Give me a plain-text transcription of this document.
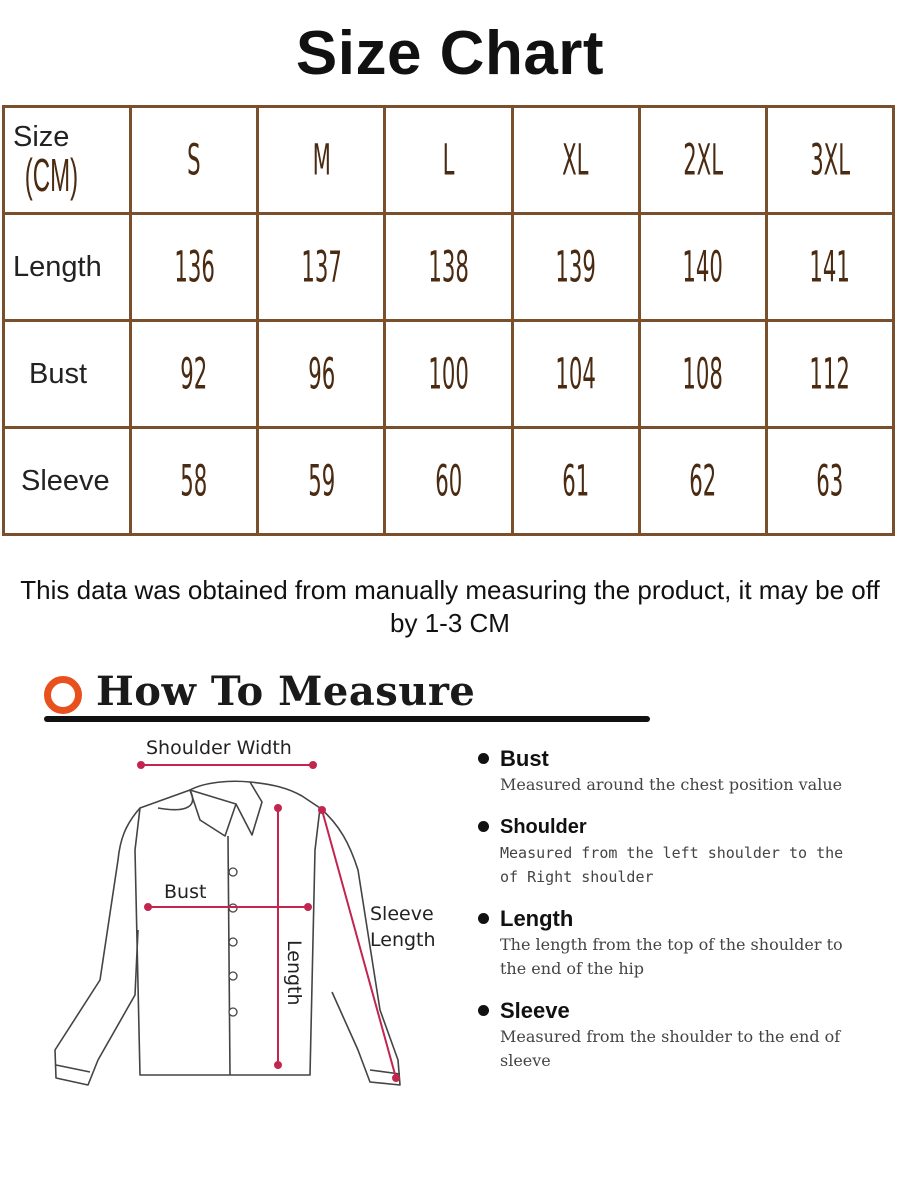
Size Chart
Size(CM)	S	M	L	XL	2XL	3XL
Length	136	137	138	139	140	141
Bust	92	96	100	104	108	112
Sleeve	58	59	60	61	62	63
This data was obtained from manually measuring the product, it may be off by 1-3 CM
How To Measure
Shoulder Width
Bust
Length
Sleeve
Length
Bust
Measured around the chest position value
Shoulder
Measured from the left shoulder to the of Right shoulder
Length
The length from the top of the shoulder to the end of the hip
Sleeve
Measured from the shoulder to the end of sleeve
